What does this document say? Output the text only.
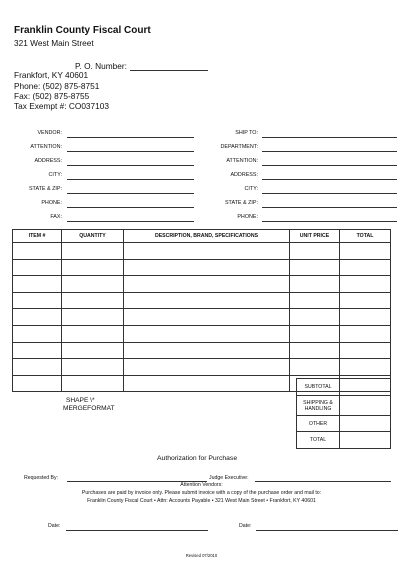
Franklin County Fiscal Court
321 West Main Street
P. O. Number:
Frankfort, KY 40601
Phone: (502) 875-8751
Fax: (502) 875-8755
Tax Exempt #: CO037103
VENDOR:
ATTENTION:
ADDRESS:
CITY:
STATE & ZIP:
PHONE:
FAX:
SHIP TO:
DEPARTMENT:
ATTENTION:
ADDRESS:
CITY:
STATE & ZIP:
PHONE:
ITEM #	QUANTITY	DESCRIPTION, BRAND, SPECIFICATIONS	UNIT PRICE	TOTAL

SUBTOTAL	
SHIPPING &
HANDLING	
OTHER	
TOTAL	
SHAPE \*
MERGEFORMAT
Authorization for Purchase
Requested By:	Judge Executive:
Attention Vendors:
Purchases are paid by invoice only. Please submit invoice with a copy of the purchase order and mail to:
Franklin County Fiscal Court • Attn: Accounts Payable • 321 West Main Street • Frankfort, KY 40601
Date:	Date:
Revised 07/2010
